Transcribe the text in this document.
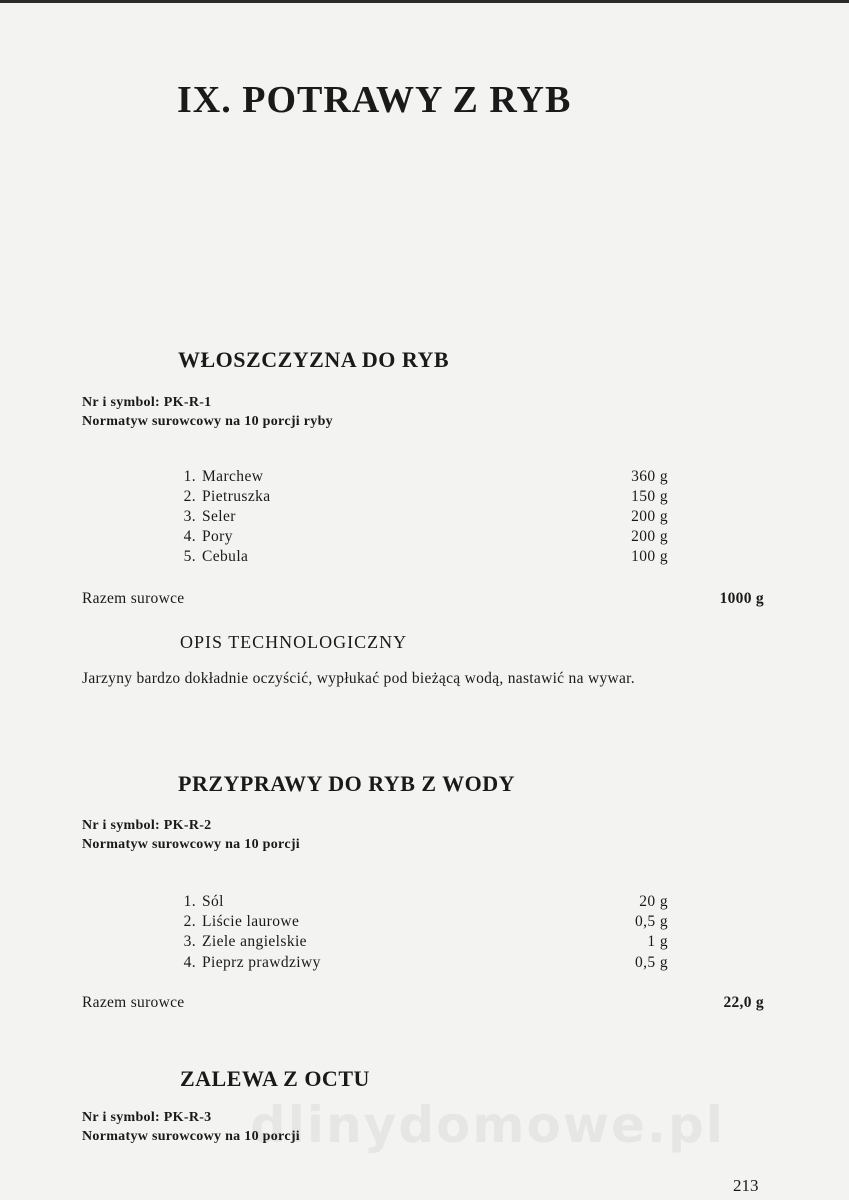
IX. POTRAWY Z RYB
WŁOSZCZYZNA DO RYB
Nr i symbol: PK-R-1
Normatyw surowcowy na 10 porcji ryby
1. Marchew	360 g
2. Pietruszka	150 g
3. Seler	200 g
4. Pory	200 g
5. Cebula	100 g
Razem surowce	1000 g
OPIS TECHNOLOGICZNY
Jarzyny bardzo dokładnie oczyścić, wypłukać pod bieżącą wodą, nastawić na wywar.
PRZYPRAWY DO RYB Z WODY
Nr i symbol: PK-R-2
Normatyw surowcowy na 10 porcji
1. Sól	20 g
2. Liście laurowe	0,5 g
3. Ziele angielskie	1 g
4. Pieprz prawdziwy	0,5 g
Razem surowce	22,0 g
ZALEWA Z OCTU
dlinydomowe.pl
Nr i symbol: PK-R-3
Normatyw surowcowy na 10 porcji
213
